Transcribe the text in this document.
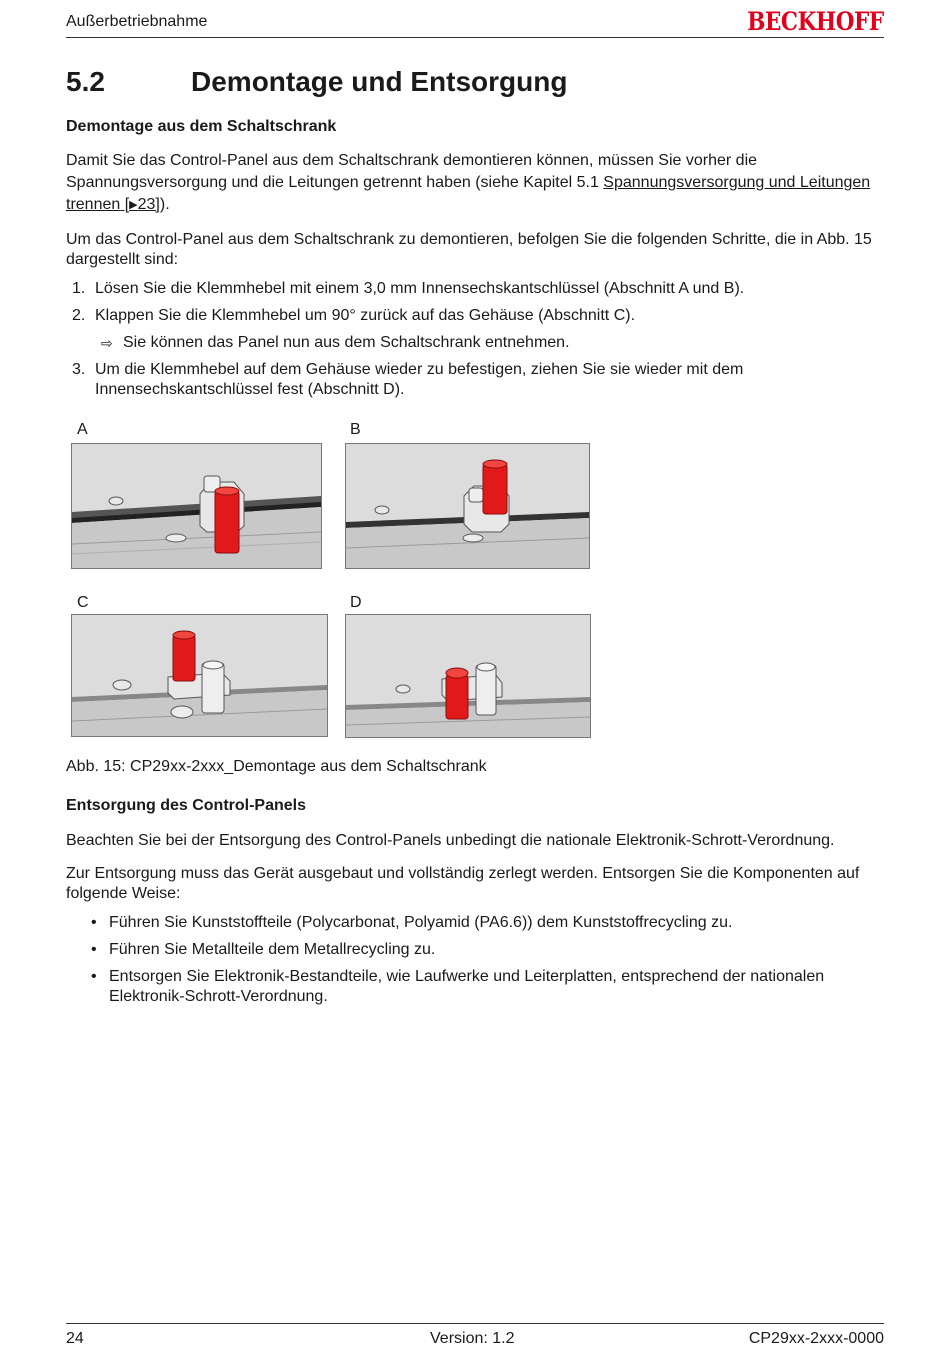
Außerbetriebnahme	BECKHOFF
5.2	Demontage und Entsorgung
Demontage aus dem Schaltschrank

Damit Sie das Control-Panel aus dem Schaltschrank demontieren können, müssen Sie vorher die Spannungsversorgung und die Leitungen getrennt haben (siehe Kapitel 5.1 Spannungsversorgung und Leitungen trennen [▶23]).

Um das Control-Panel aus dem Schaltschrank zu demontieren, befolgen Sie die folgenden Schritte, die in Abb. 15 dargestellt sind:
1. Lösen Sie die Klemmhebel mit einem 3,0 mm Innensechskantschlüssel (Abschnitt A und B).
2. Klappen Sie die Klemmhebel um 90° zurück auf das Gehäuse (Abschnitt C).
⇨ Sie können das Panel nun aus dem Schaltschrank entnehmen.
3. Um die Klemmhebel auf dem Gehäuse wieder zu befestigen, ziehen Sie sie wieder mit dem Innensechskantschlüssel fest (Abschnitt D).
A	B
C	D
Abb. 15: CP29xx-2xxx_Demontage aus dem Schaltschrank
Entsorgung des Control-Panels
Beachten Sie bei der Entsorgung des Control-Panels unbedingt die nationale Elektronik-Schrott-Verordnung.
Zur Entsorgung muss das Gerät ausgebaut und vollständig zerlegt werden. Entsorgen Sie die Komponenten auf folgende Weise:
• Führen Sie Kunststoffteile (Polycarbonat, Polyamid (PA6.6)) dem Kunststoffrecycling zu.
• Führen Sie Metallteile dem Metallrecycling zu.
• Entsorgen Sie Elektronik-Bestandteile, wie Laufwerke und Leiterplatten, entsprechend der nationalen Elektronik-Schrott-Verordnung.
24	Version: 1.2	CP29xx-2xxx-0000
